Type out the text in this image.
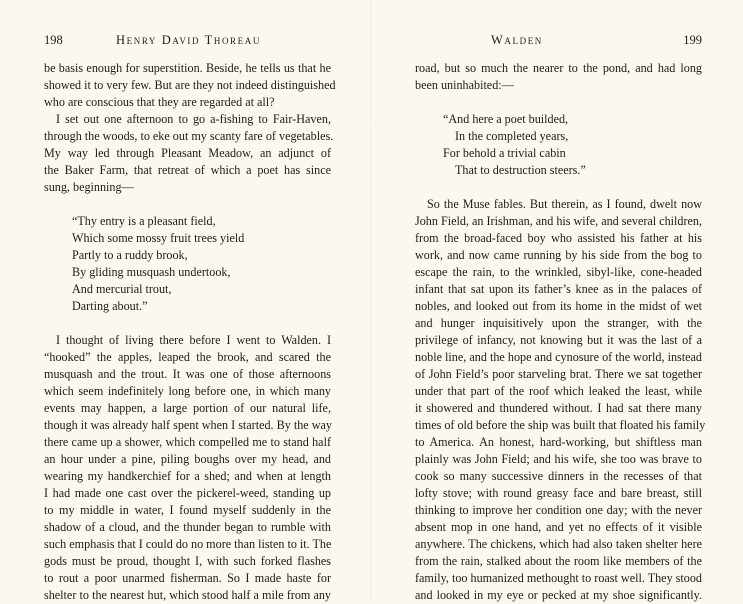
198	Henry David Thoreau
be basis enough for superstition. Beside, he tells us that he
showed it to very few. But are they not indeed distinguished
who are conscious that they are regarded at all?
I set out one afternoon to go a-fishing to Fair-Haven,
through the woods, to eke out my scanty fare of vegetables.
My way led through Pleasant Meadow, an adjunct of
the Baker Farm, that retreat of which a poet has since
sung, beginning—
“Thy entry is a pleasant field,
Which some mossy fruit trees yield
Partly to a ruddy brook,
By gliding musquash undertook,
And mercurial trout,
Darting about.”
I thought of living there before I went to Walden. I
“hooked” the apples, leaped the brook, and scared the
musquash and the trout. It was one of those afternoons
which seem indefinitely long before one, in which many
events may happen, a large portion of our natural life,
though it was already half spent when I started. By the way
there came up a shower, which compelled me to stand half
an hour under a pine, piling boughs over my head, and
wearing my handkerchief for a shed; and when at length
I had made one cast over the pickerel-weed, standing up
to my middle in water, I found myself suddenly in the
shadow of a cloud, and the thunder began to rumble with
such emphasis that I could do no more than listen to it. The
gods must be proud, thought I, with such forked flashes
to rout a poor unarmed fisherman. So I made haste for
shelter to the nearest hut, which stood half a mile from any
Walden	199
road, but so much the nearer to the pond, and had long
been uninhabited:—
“And here a poet builded,
In the completed years,
For behold a trivial cabin
That to destruction steers.”
So the Muse fables. But therein, as I found, dwelt now
John Field, an Irishman, and his wife, and several children,
from the broad-faced boy who assisted his father at his
work, and now came running by his side from the bog to
escape the rain, to the wrinkled, sibyl-like, cone-headed
infant that sat upon its father’s knee as in the palaces of
nobles, and looked out from its home in the midst of wet
and hunger inquisitively upon the stranger, with the
privilege of infancy, not knowing but it was the last of a
noble line, and the hope and cynosure of the world, instead
of John Field’s poor starveling brat. There we sat together
under that part of the roof which leaked the least, while
it showered and thundered without. I had sat there many
times of old before the ship was built that floated his family
to America. An honest, hard-working, but shiftless man
plainly was John Field; and his wife, she too was brave to
cook so many successive dinners in the recesses of that
lofty stove; with round greasy face and bare breast, still
thinking to improve her condition one day; with the never
absent mop in one hand, and yet no effects of it visible
anywhere. The chickens, which had also taken shelter here
from the rain, stalked about the room like members of the
family, too humanized methought to roast well. They stood
and looked in my eye or pecked at my shoe significantly.
